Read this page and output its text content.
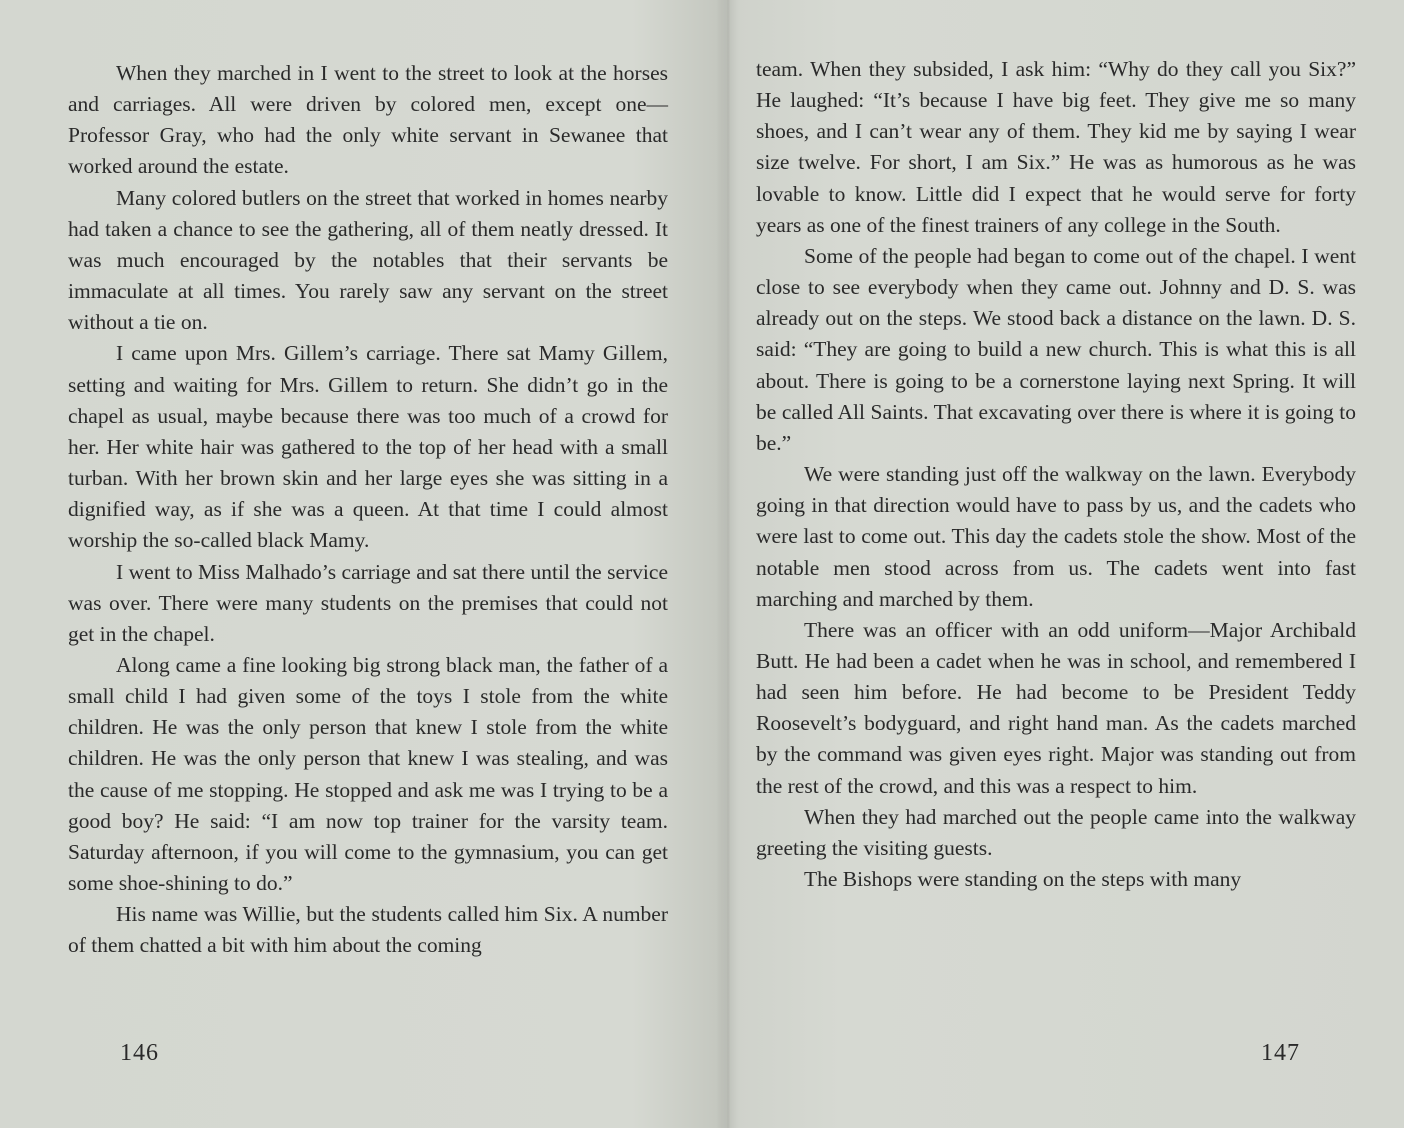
When they marched in I went to the street to look at the horses and carriages. All were driven by colored men, except one—Professor Gray, who had the only white servant in Sewanee that worked around the estate.

Many colored butlers on the street that worked in homes nearby had taken a chance to see the gathering, all of them neatly dressed. It was much encouraged by the notables that their servants be immaculate at all times. You rarely saw any servant on the street without a tie on.

I came upon Mrs. Gillem’s carriage. There sat Mamy Gillem, setting and waiting for Mrs. Gillem to return. She didn’t go in the chapel as usual, maybe because there was too much of a crowd for her. Her white hair was gathered to the top of her head with a small turban. With her brown skin and her large eyes she was sitting in a dignified way, as if she was a queen. At that time I could almost worship the so-called black Mamy.

I went to Miss Malhado’s carriage and sat there until the service was over. There were many students on the premises that could not get in the chapel.

Along came a fine looking big strong black man, the father of a small child I had given some of the toys I stole from the white children. He was the only person that knew I stole from the white children. He was the only person that knew I was stealing, and was the cause of me stopping. He stopped and ask me was I trying to be a good boy? He said: “I am now top trainer for the varsity team. Saturday afternoon, if you will come to the gymnasium, you can get some shoe-shining to do.”

His name was Willie, but the students called him Six. A number of them chatted a bit with him about the coming

146

team. When they subsided, I ask him: “Why do they call you Six?” He laughed: “It’s because I have big feet. They give me so many shoes, and I can’t wear any of them. They kid me by saying I wear size twelve. For short, I am Six.” He was as humorous as he was lovable to know. Little did I expect that he would serve for forty years as one of the finest trainers of any college in the South.

Some of the people had began to come out of the chapel. I went close to see everybody when they came out. Johnny and D. S. was already out on the steps. We stood back a distance on the lawn. D. S. said: “They are going to build a new church. This is what this is all about. There is going to be a cornerstone laying next Spring. It will be called All Saints. That excavating over there is where it is going to be.”

We were standing just off the walkway on the lawn. Everybody going in that direction would have to pass by us, and the cadets who were last to come out. This day the cadets stole the show. Most of the notable men stood across from us. The cadets went into fast marching and marched by them.

There was an officer with an odd uniform—Major Archibald Butt. He had been a cadet when he was in school, and remembered I had seen him before. He had become to be President Teddy Roosevelt’s bodyguard, and right hand man. As the cadets marched by the command was given eyes right. Major was standing out from the rest of the crowd, and this was a respect to him.

When they had marched out the people came into the walkway greeting the visiting guests.

The Bishops were standing on the steps with many

147
